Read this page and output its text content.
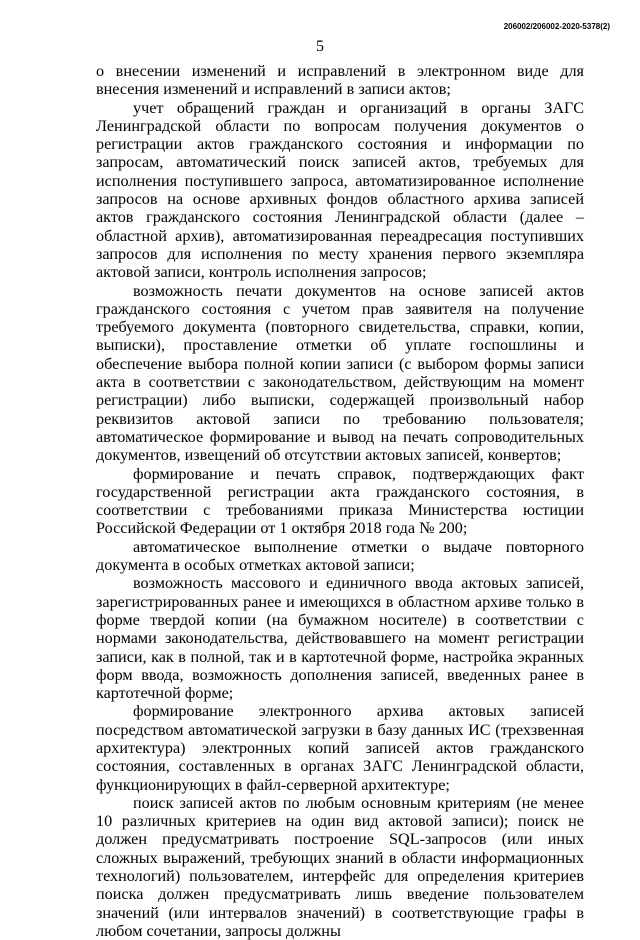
206002/206002-2020-5378(2)
5

о внесении изменений и исправлений в электронном виде для внесения изменений и исправлений в записи актов;

учет обращений граждан и организаций в органы ЗАГС Ленинградской области по вопросам получения документов о регистрации актов гражданского состояния и информации по запросам, автоматический поиск записей актов, требуемых для исполнения поступившего запроса, автоматизированное исполнение запросов на основе архивных фондов областного архива записей актов гражданского состояния Ленинградской области (далее – областной архив), автоматизированная переадресация поступивших запросов для исполнения по месту хранения первого экземпляра актовой записи, контроль исполнения запросов;

возможность печати документов на основе записей актов гражданского состояния с учетом прав заявителя на получение требуемого документа (повторного свидетельства, справки, копии, выписки), проставление отметки об уплате госпошлины и обеспечение выбора полной копии записи (с выбором формы записи акта в соответствии с законодательством, действующим на момент регистрации) либо выписки, содержащей произвольный набор реквизитов актовой записи по требованию пользователя; автоматическое формирование и вывод на печать сопроводительных документов, извещений об отсутствии актовых записей, конвертов;

формирование и печать справок, подтверждающих факт государственной регистрации акта гражданского состояния, в соответствии с требованиями приказа Министерства юстиции Российской Федерации от 1 октября 2018 года № 200;

автоматическое выполнение отметки о выдаче повторного документа в особых отметках актовой записи;

возможность массового и единичного ввода актовых записей, зарегистрированных ранее и имеющихся в областном архиве только в форме твердой копии (на бумажном носителе) в соответствии с нормами законодательства, действовавшего на момент регистрации записи, как в полной, так и в картотечной форме, настройка экранных форм ввода, возможность дополнения записей, введенных ранее в картотечной форме;

формирование электронного архива актовых записей посредством автоматической загрузки в базу данных ИС (трехзвенная архитектура) электронных копий записей актов гражданского состояния, составленных в органах ЗАГС Ленинградской области, функционирующих в файл-серверной архитектуре;

поиск записей актов по любым основным критериям (не менее 10 различных критериев на один вид актовой записи); поиск не должен предусматривать построение SQL-запросов (или иных сложных выражений, требующих знаний в области информационных технологий) пользователем, интерфейс для определения критериев поиска должен предусматривать лишь введение пользователем значений (или интервалов значений) в соответствующие графы в любом сочетании, запросы должны
